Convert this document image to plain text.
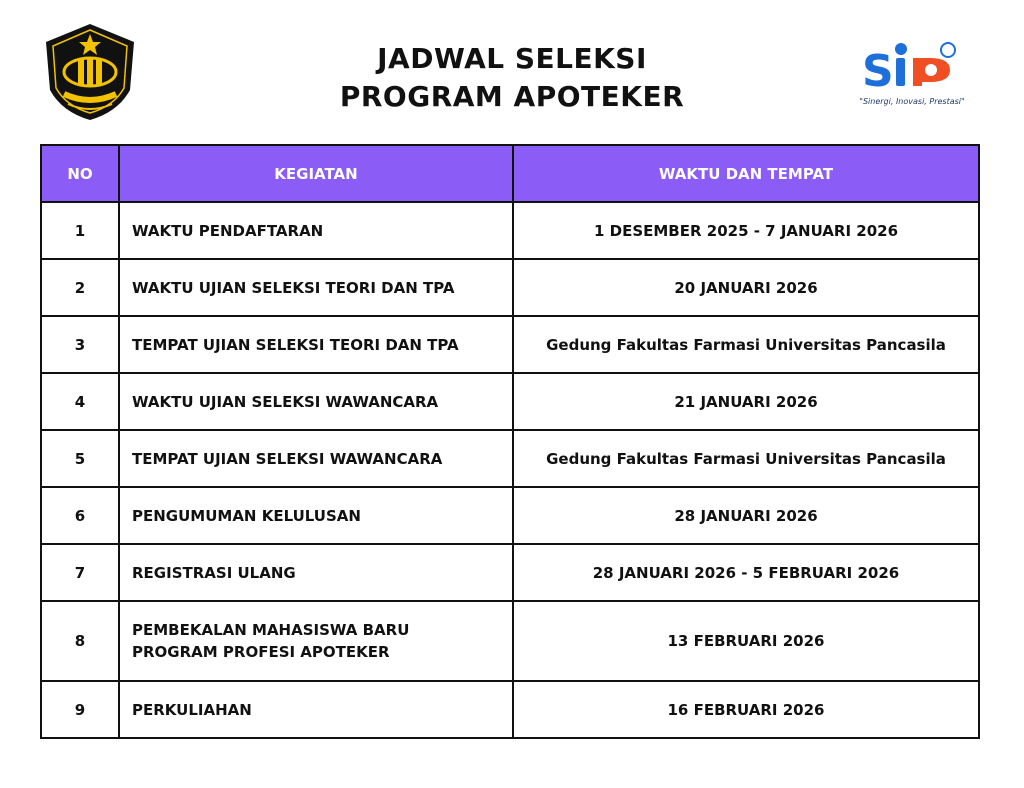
JADWAL SELEKSI
PROGRAM APOTEKER	S
"Sinergi, Inovasi, Prestasi"
NO	KEGIATAN	WAKTU DAN TEMPAT
1	WAKTU PENDAFTARAN	1 DESEMBER 2025 - 7 JANUARI 2026
2	WAKTU UJIAN SELEKSI TEORI DAN TPA	20 JANUARI 2026
3	TEMPAT UJIAN SELEKSI TEORI DAN TPA	Gedung Fakultas Farmasi Universitas Pancasila
4	WAKTU UJIAN SELEKSI WAWANCARA	21 JANUARI 2026
5	TEMPAT UJIAN SELEKSI WAWANCARA	Gedung Fakultas Farmasi Universitas Pancasila
6	PENGUMUMAN KELULUSAN	28 JANUARI 2026
7	REGISTRASI ULANG	28 JANUARI 2026 - 5 FEBRUARI 2026
8	PEMBEKALAN MAHASISWA BARU
PROGRAM PROFESI APOTEKER	13 FEBRUARI 2026
9	PERKULIAHAN	16 FEBRUARI 2026
